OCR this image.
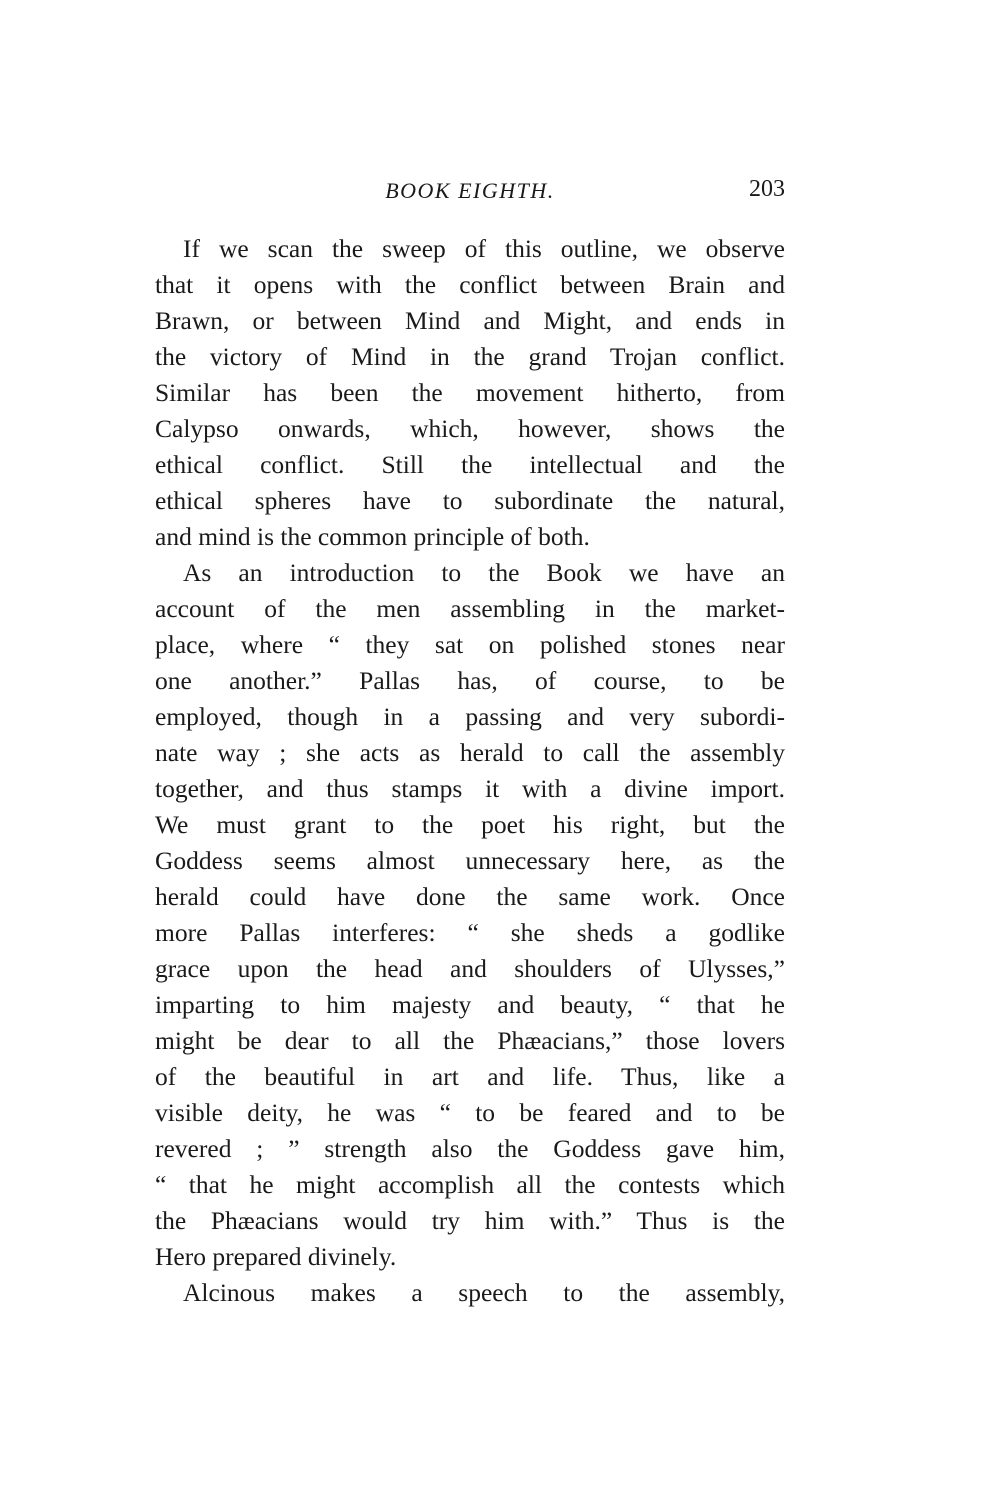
BOOK EIGHTH.	203
If we scan the sweep of this outline, we observe
that it opens with the conflict between Brain and
Brawn, or between Mind and Might, and ends in
the victory of Mind in the grand Trojan conflict.
Similar has been the movement hitherto, from
Calypso onwards, which, however, shows the
ethical conflict. Still the intellectual and the
ethical spheres have to subordinate the natural,
and mind is the common principle of both.
As an introduction to the Book we have an
account of the men assembling in the market-
place, where “ they sat on polished stones near
one another.” Pallas has, of course, to be
employed, though in a passing and very subordi-
nate way ; she acts as herald to call the assembly
together, and thus stamps it with a divine import.
We must grant to the poet his right, but the
Goddess seems almost unnecessary here, as the
herald could have done the same work. Once
more Pallas interferes: “ she sheds a godlike
grace upon the head and shoulders of Ulysses,”
imparting to him majesty and beauty, “ that he
might be dear to all the Phæacians,” those lovers
of the beautiful in art and life. Thus, like a
visible deity, he was “ to be feared and to be
revered ; ” strength also the Goddess gave him,
“ that he might accomplish all the contests which
the Phæacians would try him with.” Thus is the
Hero prepared divinely.
Alcinous makes a speech to the assembly,
